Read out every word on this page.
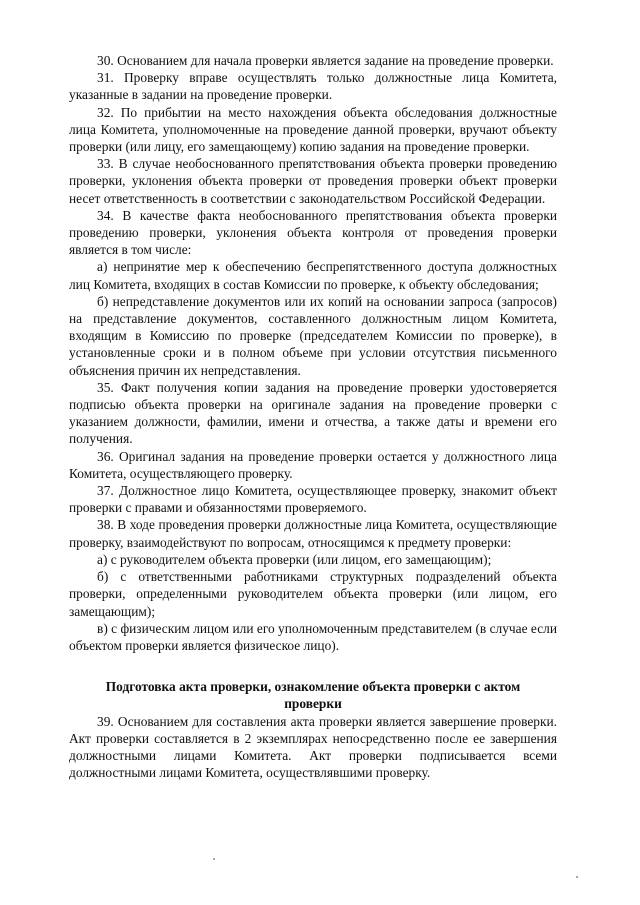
30. Основанием для начала проверки является задание на проведение проверки.

31. Проверку вправе осуществлять только должностные лица Комитета, указанные в задании на проведение проверки.

32. По прибытии на место нахождения объекта обследования должностные лица Комитета, уполномоченные на проведение данной проверки, вручают объекту проверки (или лицу, его замещающему) копию задания на проведение проверки.

33. В случае необоснованного препятствования объекта проверки проведению проверки, уклонения объекта проверки от проведения проверки объект проверки несет ответственность в соответствии с законодательством Российской Федерации.

34. В качестве факта необоснованного препятствования объекта проверки проведению проверки, уклонения объекта контроля от проведения проверки является в том числе:

а) непринятие мер к обеспечению беспрепятственного доступа должностных лиц Комитета, входящих в состав Комиссии по проверке, к объекту обследования;

б) непредставление документов или их копий на основании запроса (запросов) на представление документов, составленного должностным лицом Комитета, входящим в Комиссию по проверке (председателем Комиссии по проверке), в установленные сроки и в полном объеме при условии отсутствия письменного объяснения причин их непредставления.

35. Факт получения копии задания на проведение проверки удостоверяется подписью объекта проверки на оригинале задания на проведение проверки с указанием должности, фамилии, имени и отчества, а также даты и времени его получения.

36. Оригинал задания на проведение проверки остается у должностного лица Комитета, осуществляющего проверку.

37. Должностное лицо Комитета, осуществляющее проверку, знакомит объект проверки с правами и обязанностями проверяемого.

38. В ходе проведения проверки должностные лица Комитета, осуществляющие проверку, взаимодействуют по вопросам, относящимся к предмету проверки:

а) с руководителем объекта проверки (или лицом, его замещающим);

б) с ответственными работниками структурных подразделений объекта проверки, определенными руководителем объекта проверки (или лицом, его замещающим);

в) с физическим лицом или его уполномоченным представителем (в случае если объектом проверки является физическое лицо).

Подготовка акта проверки, ознакомление объекта проверки с актом проверки

39. Основанием для составления акта проверки является завершение проверки. Акт проверки составляется в 2 экземплярах непосредственно после ее завершения должностными лицами Комитета. Акт проверки подписывается всеми должностными лицами Комитета, осуществлявшими проверку.
